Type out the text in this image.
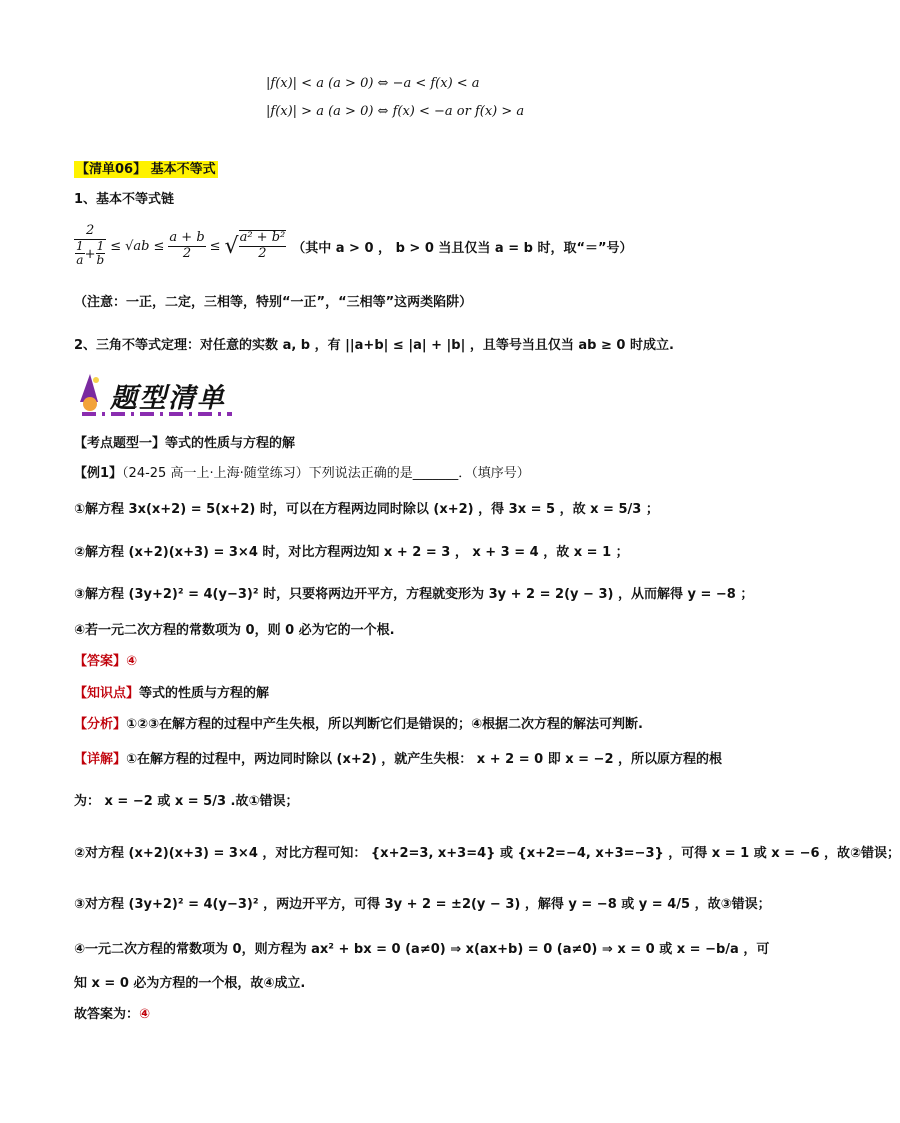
|f(x)| < a (a > 0) ⇔ −a < f(x) < a
|f(x)| > a (a > 0) ⇔ f(x) < −a or f(x) > a
【清单06】 基本不等式
1、基本不等式链
$\frac{2}{\frac{1}{a} + \frac{1}{b}} \le √ab \le \frac{a + b}{2}$ ≤ √ $\frac{\text{a² + b²}}{2}$ （其中 a > 0 ， b > 0 当且仅当 a = b 时，取“＝”号）
（注意：一正，二定，三相等，特别“一正”，“三相等”这两类陷阱）
2、三角不等式定理：对任意的实数 a, b ，有 ||a+b| ≤ |a| + |b| ，且等号当且仅当 ab ≥ 0 时成立.
题型清单
【考点题型一】等式的性质与方程的解
【例1】（24-25 高一上·上海·随堂练习）下列说法正确的是_______．（填序号）
①解方程 3x(x+2) = 5(x+2) 时，可以在方程两边同时除以 (x+2) ，得 3x = 5 ，故 x = 5/3 ；
②解方程 (x+2)(x+3) = 3×4 时，对比方程两边知 x + 2 = 3 ， x + 3 = 4 ，故 x = 1 ；
③解方程 (3y+2)² = 4(y−3)² 时，只要将两边开平方，方程就变形为 3y + 2 = 2(y − 3) ，从而解得 y = −8 ；
④若一元二次方程的常数项为 0，则 0 必为它的一个根.
【答案】④
【知识点】等式的性质与方程的解
【分析】①②③在解方程的过程中产生失根，所以判断它们是错误的；④根据二次方程的解法可判断.
【详解】①在解方程的过程中，两边同时除以 (x+2) ，就产生失根： x + 2 = 0 即 x = −2 ，所以原方程的根
为： x = −2 或 x = 5/3 .故①错误；
②对方程 (x+2)(x+3) = 3×4 ，对比方程可知： {x+2=3, x+3=4} 或 {x+2=−4, x+3=−3} ，可得 x = 1 或 x = −6 ，故②错误；
③对方程 (3y+2)² = 4(y−3)² ，两边开平方，可得 3y + 2 = ±2(y − 3) ，解得 y = −8 或 y = 4/5 ，故③错误；
④一元二次方程的常数项为 0，则方程为 ax² + bx = 0 (a≠0) ⇒ x(ax+b) = 0 (a≠0) ⇒ x = 0 或 x = −b/a ，可
知 x = 0 必为方程的一个根，故④成立.
故答案为：④
